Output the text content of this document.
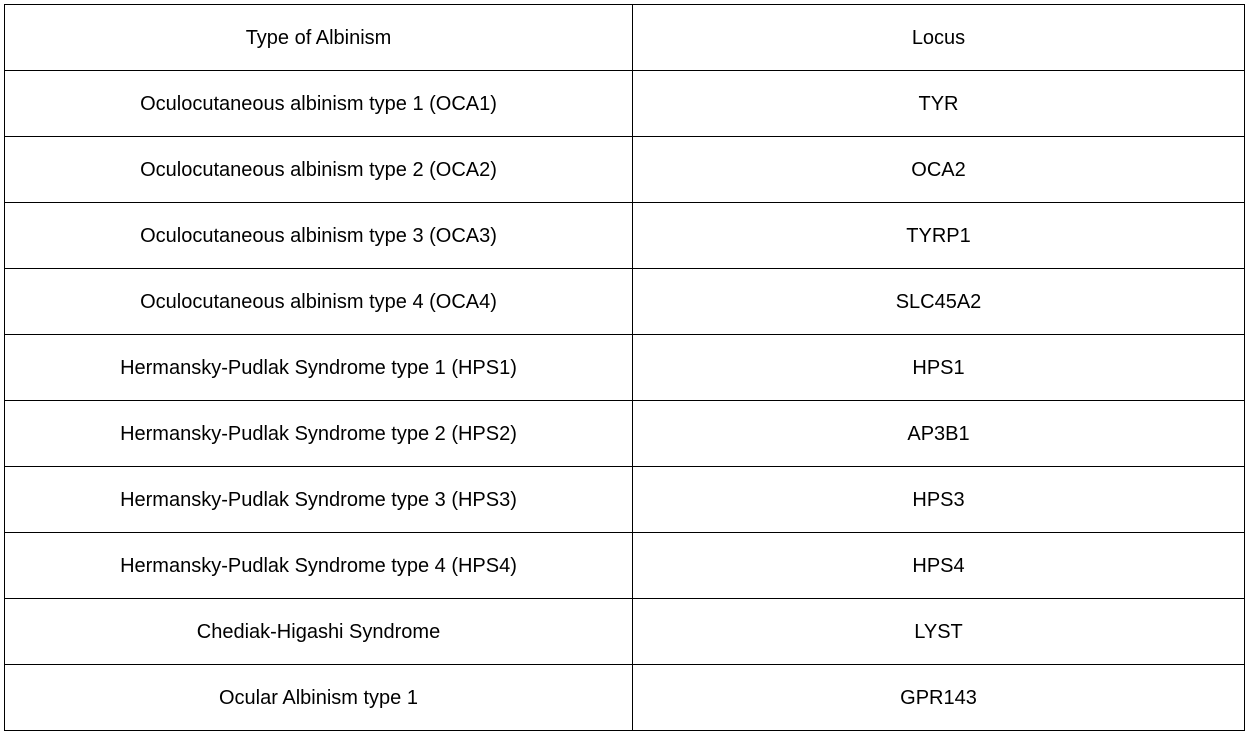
Type of Albinism	Locus
Oculocutaneous albinism type 1 (OCA1)	TYR
Oculocutaneous albinism type 2 (OCA2)	OCA2
Oculocutaneous albinism type 3 (OCA3)	TYRP1
Oculocutaneous albinism type 4 (OCA4)	SLC45A2
Hermansky-Pudlak Syndrome type 1 (HPS1)	HPS1
Hermansky-Pudlak Syndrome type 2 (HPS2)	AP3B1
Hermansky-Pudlak Syndrome type 3 (HPS3)	HPS3
Hermansky-Pudlak Syndrome type 4 (HPS4)	HPS4
Chediak-Higashi Syndrome	LYST
Ocular Albinism type 1	GPR143
